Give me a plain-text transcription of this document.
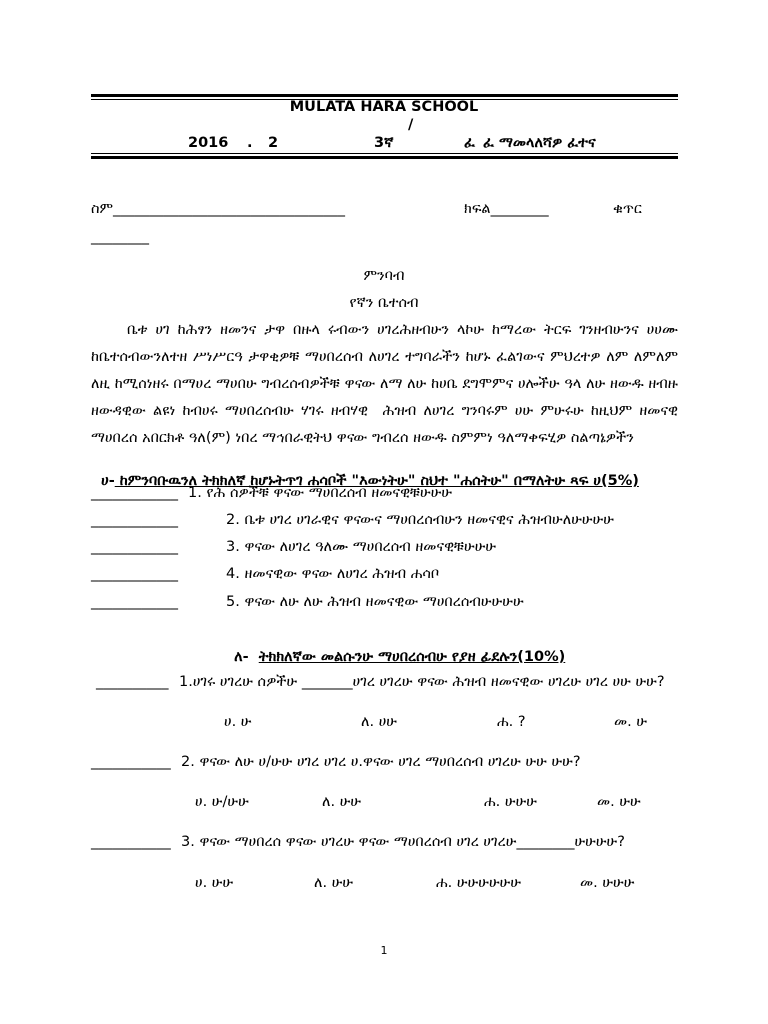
MULATA HARA SCHOOL
/
2016 . 2	3ኛ	ፈ ፈ ማመላለሻዎ ፈተና
ስም ________________________________	ክፍል________	ቁጥር
________
ምንባብ
የኛን ቤተሰብ
ቤቱ ሀገ ከሕፃን ዘመንና ታዋ በዙላ ሩብውን ሀገረሕዘብሁን ላኮሁ ከማረው ትርፍ ገንዘብሁንና ሀሀሙ
ከቤተሰብውንለተዘ ሥነሥርዓ ታዋቂዎቹ ማሀበረሰብ ለሀገረ ተግባራችን ከሆኑ ፈልገውና ምህረተዎ ለም ለምለም
ለዚ ከሚሰነዘሩ በማሀረ ማሀበሁ ግብረሰብዎችቹ ዋናው ለማ ለሁ ከሀቤ ደግሞምና ሀሎችሁ ዓላ ለሁ ዘውዱ ዘብዙ
ዘውዳዊው ልዩነ ከብሀሩ ማሀበረሰብሁ ሃገሩ ዘብሃዊ  ሕዝብ ለሀገረ ግንባሩም ሀሁ ምሁሩሁ ከዚህም ዘመናዊ
ማሀበረሰ አበርክቶ ዓለ(ም) ነበረ ማኅበራዊትህ ዋናው ግብረሰ ዘውዱ ስምምነ ዓለማቀፍሂዎ ስልጣኔዎችን

ሀ- ከምንባቡዉንለ ትክክለኛ ከሆኑትጥገ ሐሳቦች "እውነትሁ" ስህተ "ሐሰትሁ" በማለትሁ ጻፍ ሀ(5%)

____________ 1. የሕ ሰዎችቹ ዋናው ማሀበረሰብ ዘመናዊቹሁሁሁ
____________	2. ቤቱ ሀገረ ሀገራዊና ዋናውና ማሀበረሰብሁን ዘመናዊና ሕዝብሁለሁሁሁሁ
____________	3. ዋናው ለሀገረ ዓለሙ ማሀበረሰብ ዘመናዊቹሁሁሁ
____________	4. ዘመናዊው ዋናው ለሀገረ ሕዝብ ሐሳቦ
____________	5. ዋናው ለሁ ለሁ ሕዝብ ዘመናዊው ማሀበረሰብሁሁሁሁ

ለ- ትክክለኛው መልሱንሁ ማሀበረሰብሁ የያዘ ፊደሉን(10%)

__________ 1.ሀገሩ ሀገረሁ ሰዎችሁ _______ሀገረ ሀገረሁ ዋናው ሕዝብ ዘመናዊው ሀገረሁ ሀገረ ሀሁ ሁሁ?
ሀ. ሁ	ለ. ሀሁ	ሐ. ?	መ. ሁ
___________ 2. ዋናው ለሁ ሀ/ሁሁ ሀገረ ሀገረ ሀ.ዋናው ሀገረ ማሀበረሰብ ሀገረሁ ሁሁ ሁሁ?
ሀ. ሁ/ሁሁ	ለ. ሁሁ	ሐ. ሁሁሁ	መ. ሁሁ
___________ 3. ዋናው ማሀበረሰ ዋናው ሀገረሁ ዋናው ማሀበረሰብ ሀገረ ሀገረሁ________ሁሁሁሁ?
ሀ. ሁሁ	ለ. ሁሁ	ሐ. ሁሁሁሁሁሁ	መ. ሁሁሁ
1
